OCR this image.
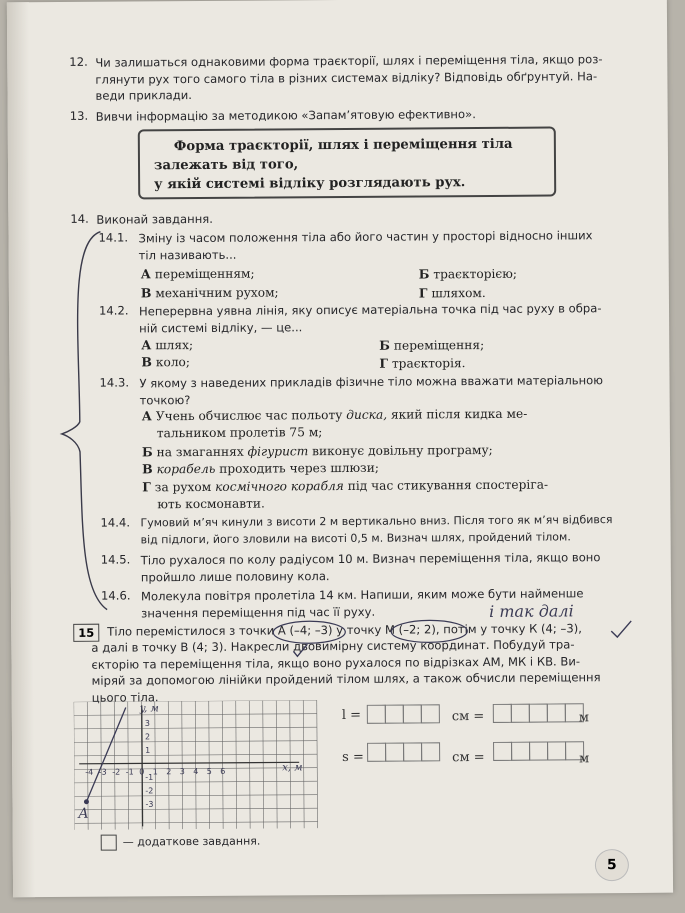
12. Чи залишаться однаковими форма траєкторії, шлях і переміщення тіла, якщо роз-
глянути рух того самого тіла в різних системах відліку? Відповідь обґрунтуй. На-
веди приклади.
13. Вивчи інформацію за методикою «Запам’ятовую ефективно».
Форма траєкторії, шлях і переміщення тіла
залежать від того,
у якій системі відліку розглядають рух.
14. Виконай завдання.
14.1. Зміну із часом положення тіла або його частин у просторі відносно інших
тіл називають...
А переміщенням;	Б траєкторією;
В механічним рухом;	Г шляхом.
14.2. Неперервна уявна лінія, яку описує матеріальна точка під час руху в обра-
ній системі відліку, — це...
А шлях;	Б переміщення;
В коло;	Г траєкторія.
14.3. У якому з наведених прикладів фізичне тіло можна вважати матеріальною
точкою?
А Учень обчислює час польоту диска, який після кидка ме-
тальником пролетів 75 м;
Б на змаганнях фігурист виконує довільну програму;
В корабель проходить через шлюзи;
Г за рухом космічного корабля під час стикування спостеріга-
ють космонавти.
14.4. Гумовий м’яч кинули з висоти 2 м вертикально вниз. Після того як м’яч відбився
від підлоги, його зловили на висоті 0,5 м. Визнач шлях, пройдений тілом.
14.5. Тіло рухалося по колу радіусом 10 м. Визнач переміщення тіла, якщо воно
пройшло лише половину кола.
14.6. Молекула повітря пролетіла 14 км. Напиши, яким може бути найменше
значення переміщення під час її руху.
15	Тіло перемістилося з точки А (–4; –3) у точку М (–2; 2), потім у точку К (4; –3),
а далі в точку В (4; 3). Накресли двовимірну систему координат. Побудуй тра-
єкторію та переміщення тіла, якщо воно рухалося по відрізках АМ, МК і КВ. Ви-
міряй за допомогою лінійки пройдений тілом шлях, а також обчисли переміщення
цього тіла.
і так далі
-4 -3 -2 -1 0 1 2 3 4 5 6
3
2
1
-1
-2
-3
A
y, м
x, м
l =	см =	м
s =	см =	м
— додаткове завдання.
5
